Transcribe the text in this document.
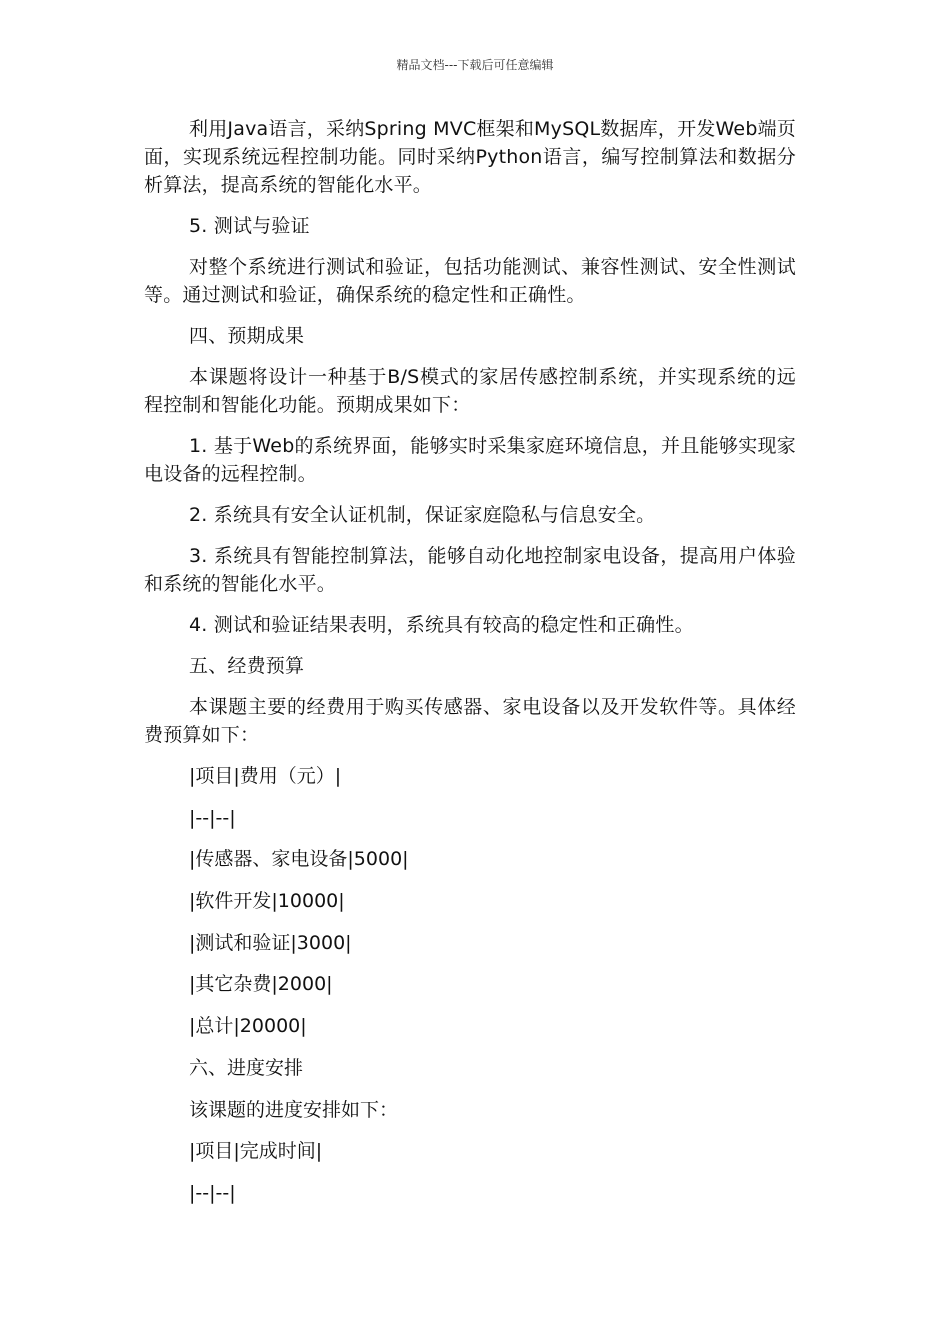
精品文档---下载后可任意编辑

利用Java语言，采纳Spring MVC框架和MySQL数据库，开发Web端页面，实现系统远程控制功能。同时采纳Python语言，编写控制算法和数据分析算法，提高系统的智能化水平。

5. 测试与验证

对整个系统进行测试和验证，包括功能测试、兼容性测试、安全性测试等。通过测试和验证，确保系统的稳定性和正确性。

四、预期成果

本课题将设计一种基于B/S模式的家居传感控制系统，并实现系统的远程控制和智能化功能。预期成果如下：

1. 基于Web的系统界面，能够实时采集家庭环境信息，并且能够实现家电设备的远程控制。

2. 系统具有安全认证机制，保证家庭隐私与信息安全。

3. 系统具有智能控制算法，能够自动化地控制家电设备，提高用户体验和系统的智能化水平。

4. 测试和验证结果表明，系统具有较高的稳定性和正确性。

五、经费预算

本课题主要的经费用于购买传感器、家电设备以及开发软件等。具体经费预算如下：

|项目|费用（元）|

|--|--|

|传感器、家电设备|5000|

|软件开发|10000|

|测试和验证|3000|

|其它杂费|2000|

|总计|20000|

六、进度安排

该课题的进度安排如下：

|项目|完成时间|

|--|--|
